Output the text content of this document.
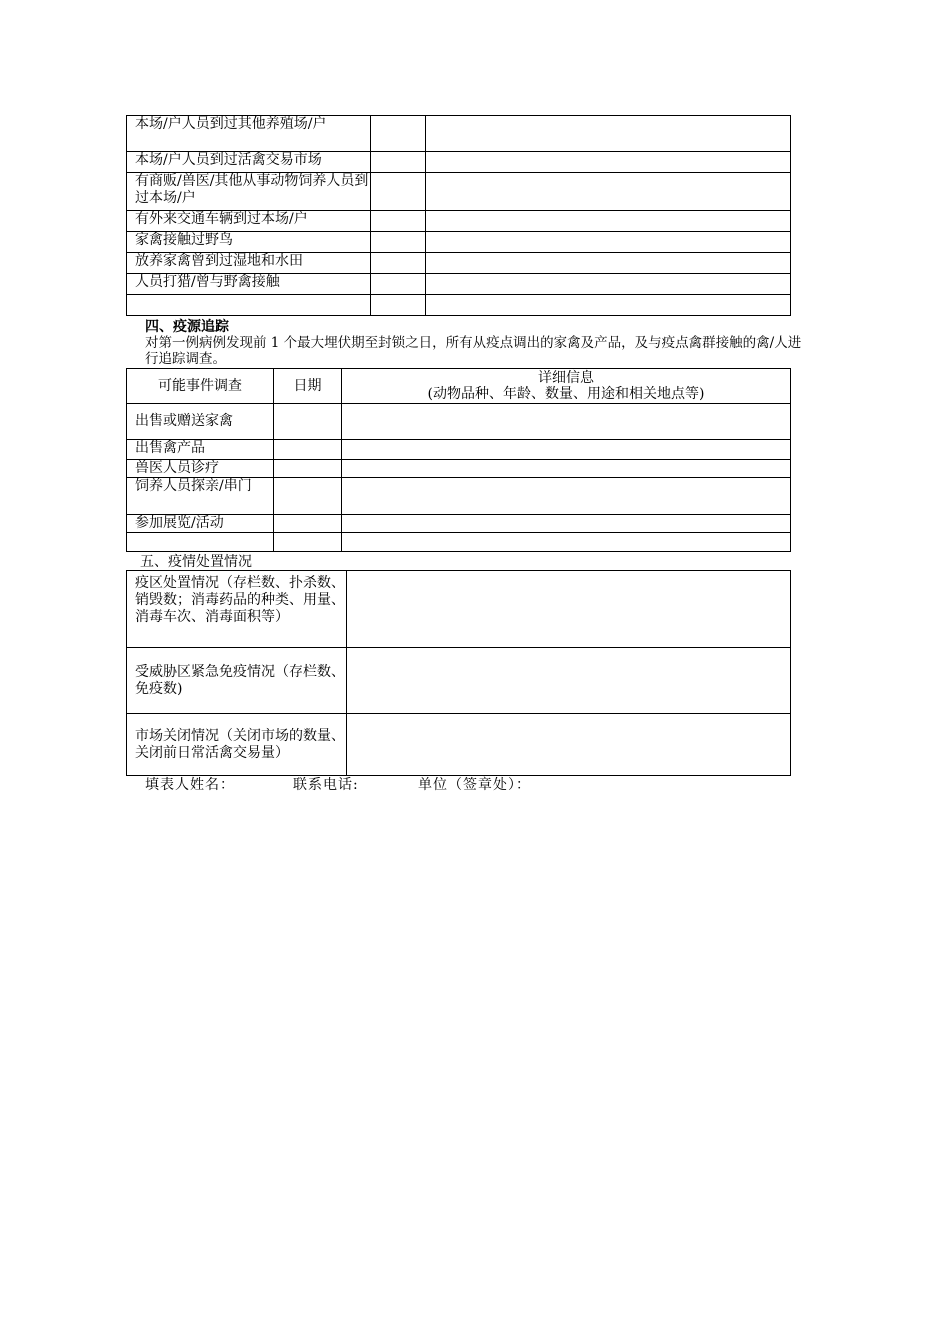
本场/户人员到过其他养殖场/户		
本场/户人员到过活禽交易市场		
有商贩/兽医/其他从事动物饲养人员到过本场/户		
有外来交通车辆到过本场/户		
家禽接触过野鸟		
放养家禽曾到过湿地和水田		
人员打猎/曾与野禽接触		

四、疫源追踪
对第一例病例发现前 1 个最大埋伏期至封锁之日，所有从疫点调出的家禽及产品，及与疫点禽群接触的禽/人进行追踪调查。
可能事件调查	日期	详细信息
(动物品种、年龄、数量、用途和相关地点等)

出售或赠送家禽		
出售禽产品		
兽医人员诊疗		
饲养人员探亲/串门		
参加展览/活动		

五、疫情处置情况
疫区处置情况（存栏数、扑杀数、销毁数；消毒药品的种类、用量、消毒车次、消毒面积等）	
受威胁区紧急免疫情况（存栏数、免疫数)	
市场关闭情况（关闭市场的数量、关闭前日常活禽交易量）	
填表人姓名：	联系电话:	单位（签章处）：
